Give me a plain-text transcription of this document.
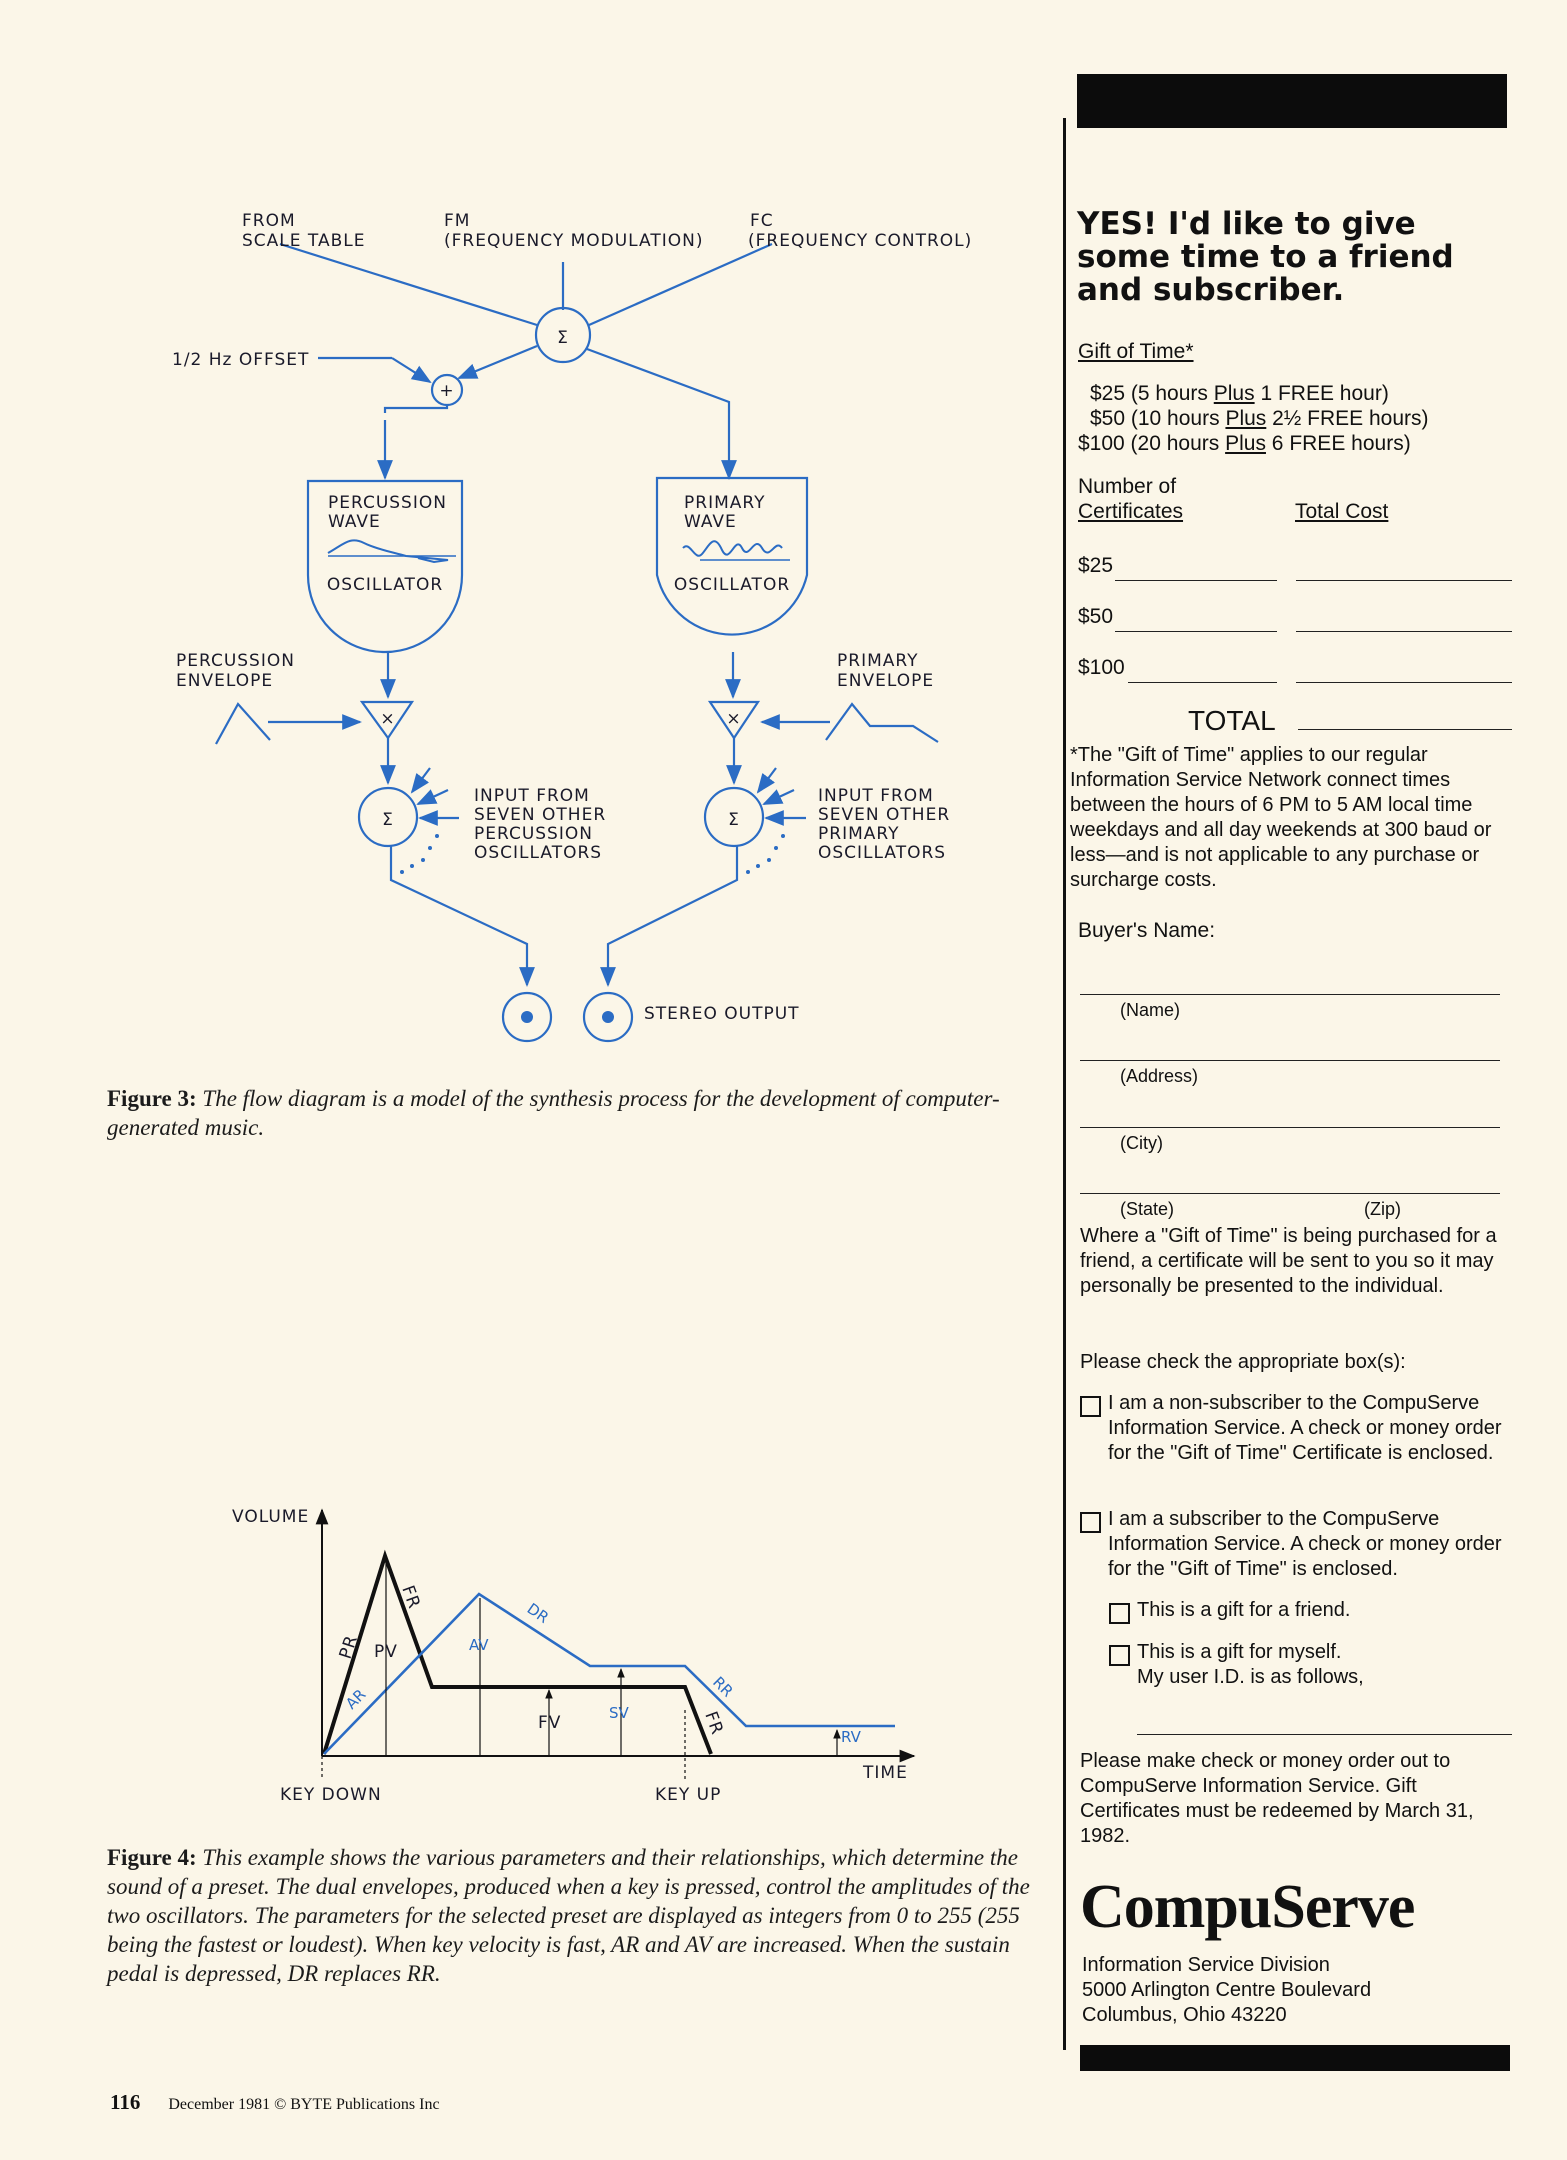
Σ
+
×	×
Σ	Σ
FROM
SCALE TABLE
FM
(FREQUENCY MODULATION)
FC
(FREQUENCY CONTROL)
1/2 Hz OFFSET
PERCUSSION
WAVE
OSCILLATOR
PRIMARY
WAVE
OSCILLATOR
PERCUSSION
ENVELOPE
PRIMARY
ENVELOPE
INPUT FROM
SEVEN OTHER
PERCUSSION
OSCILLATORS
INPUT FROM
SEVEN OTHER
PRIMARY
OSCILLATORS
STEREO OUTPUT
Figure 3: The flow diagram is a model of the synthesis process for the development of computer-generated music.
VOLUME
KEY DOWN	KEY UP
TIME
PR PV
FR
AR
AV
DR
FV	SV
RR
FR	RV
Figure 4: This example shows the various parameters and their relationships, which determine the sound of a preset. The dual envelopes, produced when a key is pressed, control the amplitudes of the two oscillators. The parameters for the selected preset are displayed as integers from 0 to 255 (255 being the fastest or loudest). When key velocity is fast, AR and AV are increased. When the sustain pedal is depressed, DR replaces RR.
116 December 1981 © BYTE Publications Inc
YES! I'd like to give some time to a friend and subscriber.
Gift of Time*
$25 (5 hours Plus 1 FREE hour)
$50 (10 hours Plus 2½ FREE hours)
$100 (20 hours Plus 6 FREE hours)
Number of
Certificates	Total Cost
$25
$50
$100
TOTAL
*The "Gift of Time" applies to our regular Information Service Network connect times between the hours of 6 PM to 5 AM local time weekdays and all day weekends at 300 baud or less—and is not applicable to any purchase or surcharge costs.
Buyer's Name:
(Name)
(Address)
(City)
(State)	(Zip)
Where a "Gift of Time" is being purchased for a friend, a certificate will be sent to you so it may personally be presented to the individual.
Please check the appropriate box(s):
I am a non-subscriber to the CompuServe Information Service. A check or money order for the "Gift of Time" Certificate is enclosed.
I am a subscriber to the CompuServe Information Service. A check or money order for the "Gift of Time" is enclosed.
This is a gift for a friend.
This is a gift for myself.
My user I.D. is as follows,
Please make check or money order out to CompuServe Information Service. Gift Certificates must be redeemed by March 31, 1982.
CompuServe
Information Service Division
5000 Arlington Centre Boulevard
Columbus, Ohio 43220
